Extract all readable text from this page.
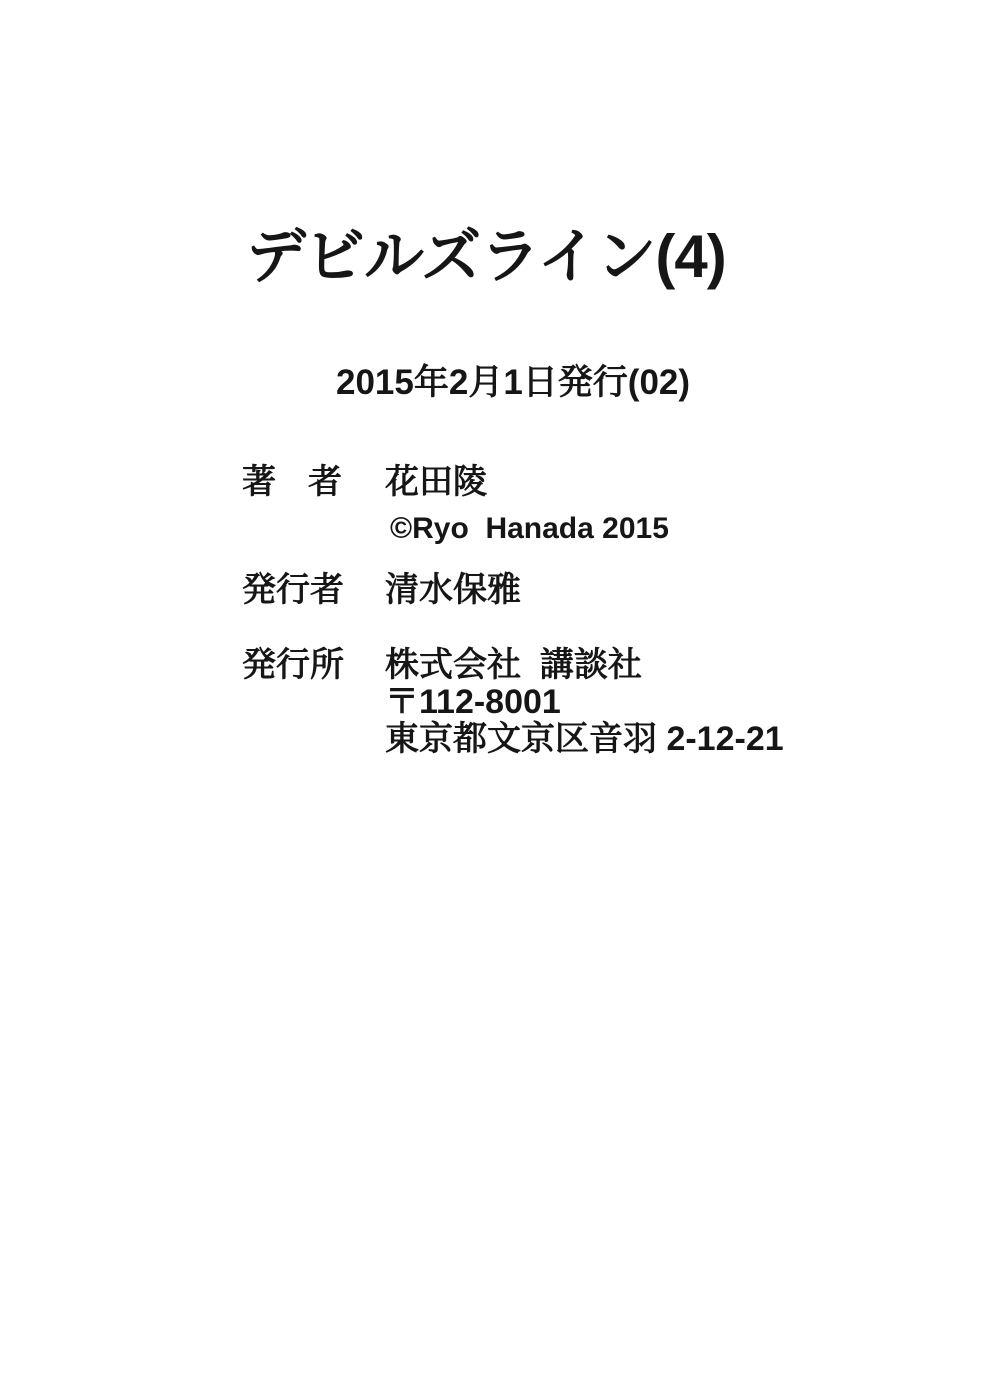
デビルズライン(4)
2015年2月1日発行(02)
著 者 花田陵
©Ryo  Hanada 2015
発行者 清水保雅
発行所 株式会社  講談社
〒112-8001
東京都文京区音羽 2-12-21
